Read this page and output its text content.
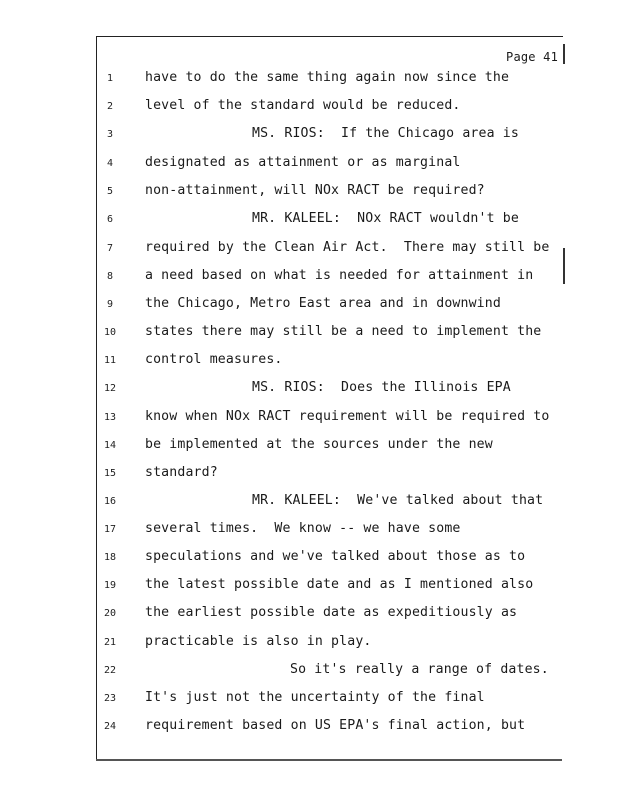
Page 41
1	have to do the same thing again now since the
2	level of the standard would be reduced.
3	MS. RIOS:  If the Chicago area is
4	designated as attainment or as marginal
5	non-attainment, will NOx RACT be required?
6	MR. KALEEL:  NOx RACT wouldn't be
7	required by the Clean Air Act.  There may still be
8	a need based on what is needed for attainment in
9	the Chicago, Metro East area and in downwind
10	states there may still be a need to implement the
11	control measures.
12	MS. RIOS:  Does the Illinois EPA
13	know when NOx RACT requirement will be required to
14	be implemented at the sources under the new
15	standard?
16	MR. KALEEL:  We've talked about that
17	several times.  We know -- we have some
18	speculations and we've talked about those as to
19	the latest possible date and as I mentioned also
20	the earliest possible date as expeditiously as
21	practicable is also in play.
22	So it's really a range of dates.
23	It's just not the uncertainty of the final
24	requirement based on US EPA's final action, but
